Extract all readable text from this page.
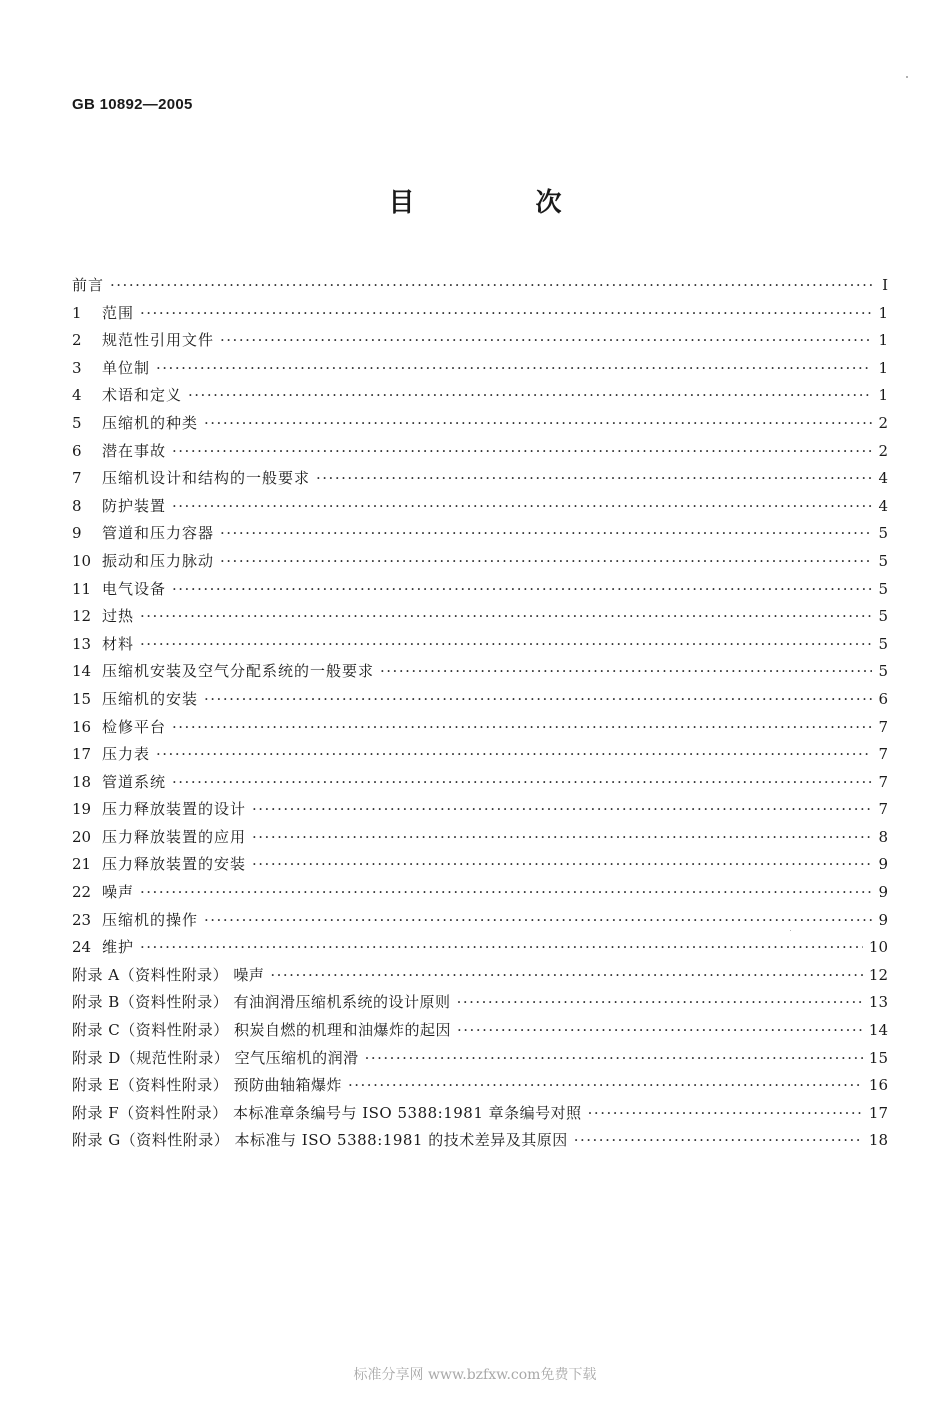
GB 10892—2005
目 次
前言 ·····	I
1	范围 ·····	1
2	规范性引用文件 ·····	1
3	单位制 ·····	1
4	术语和定义 ·····	1
5	压缩机的种类 ·····	2
6	潜在事故 ·····	2
7	压缩机设计和结构的一般要求 ·····	4
8	防护装置 ·····	4
9	管道和压力容器 ·····	5
10 振动和压力脉动 ·····	5
11 电气设备 ·····	5
12 过热 ·····	5
13 材料 ·····	5
14 压缩机安装及空气分配系统的一般要求 ·····	5
15 压缩机的安装 ·····	6
16 检修平台 ·····	7
17 压力表 ·····	7
18 管道系统 ·····	7
19 压力释放装置的设计 ·····	7
20 压力释放装置的应用 ·····	8
21 压力释放装置的安装 ·····	9
22 噪声 ·····	9
23 压缩机的操作 ·····	9
24 维护 ·····	10
附录 A（资料性附录） 噪声 ·····	12
附录 B（资料性附录） 有油润滑压缩机系统的设计原则 ·····	13
附录 C（资料性附录） 积炭自燃的机理和油爆炸的起因 ·····	14
附录 D（规范性附录） 空气压缩机的润滑 ·····	15
附录 E（资料性附录） 预防曲轴箱爆炸 ·····	16
附录 F（资料性附录） 本标准章条编号与 ISO 5388:1981 章条编号对照 ·····	17
附录 G（资料性附录） 本标准与 ISO 5388:1981 的技术差异及其原因 ·····	18
标准分享网 www.bzfxw.com免费下载
